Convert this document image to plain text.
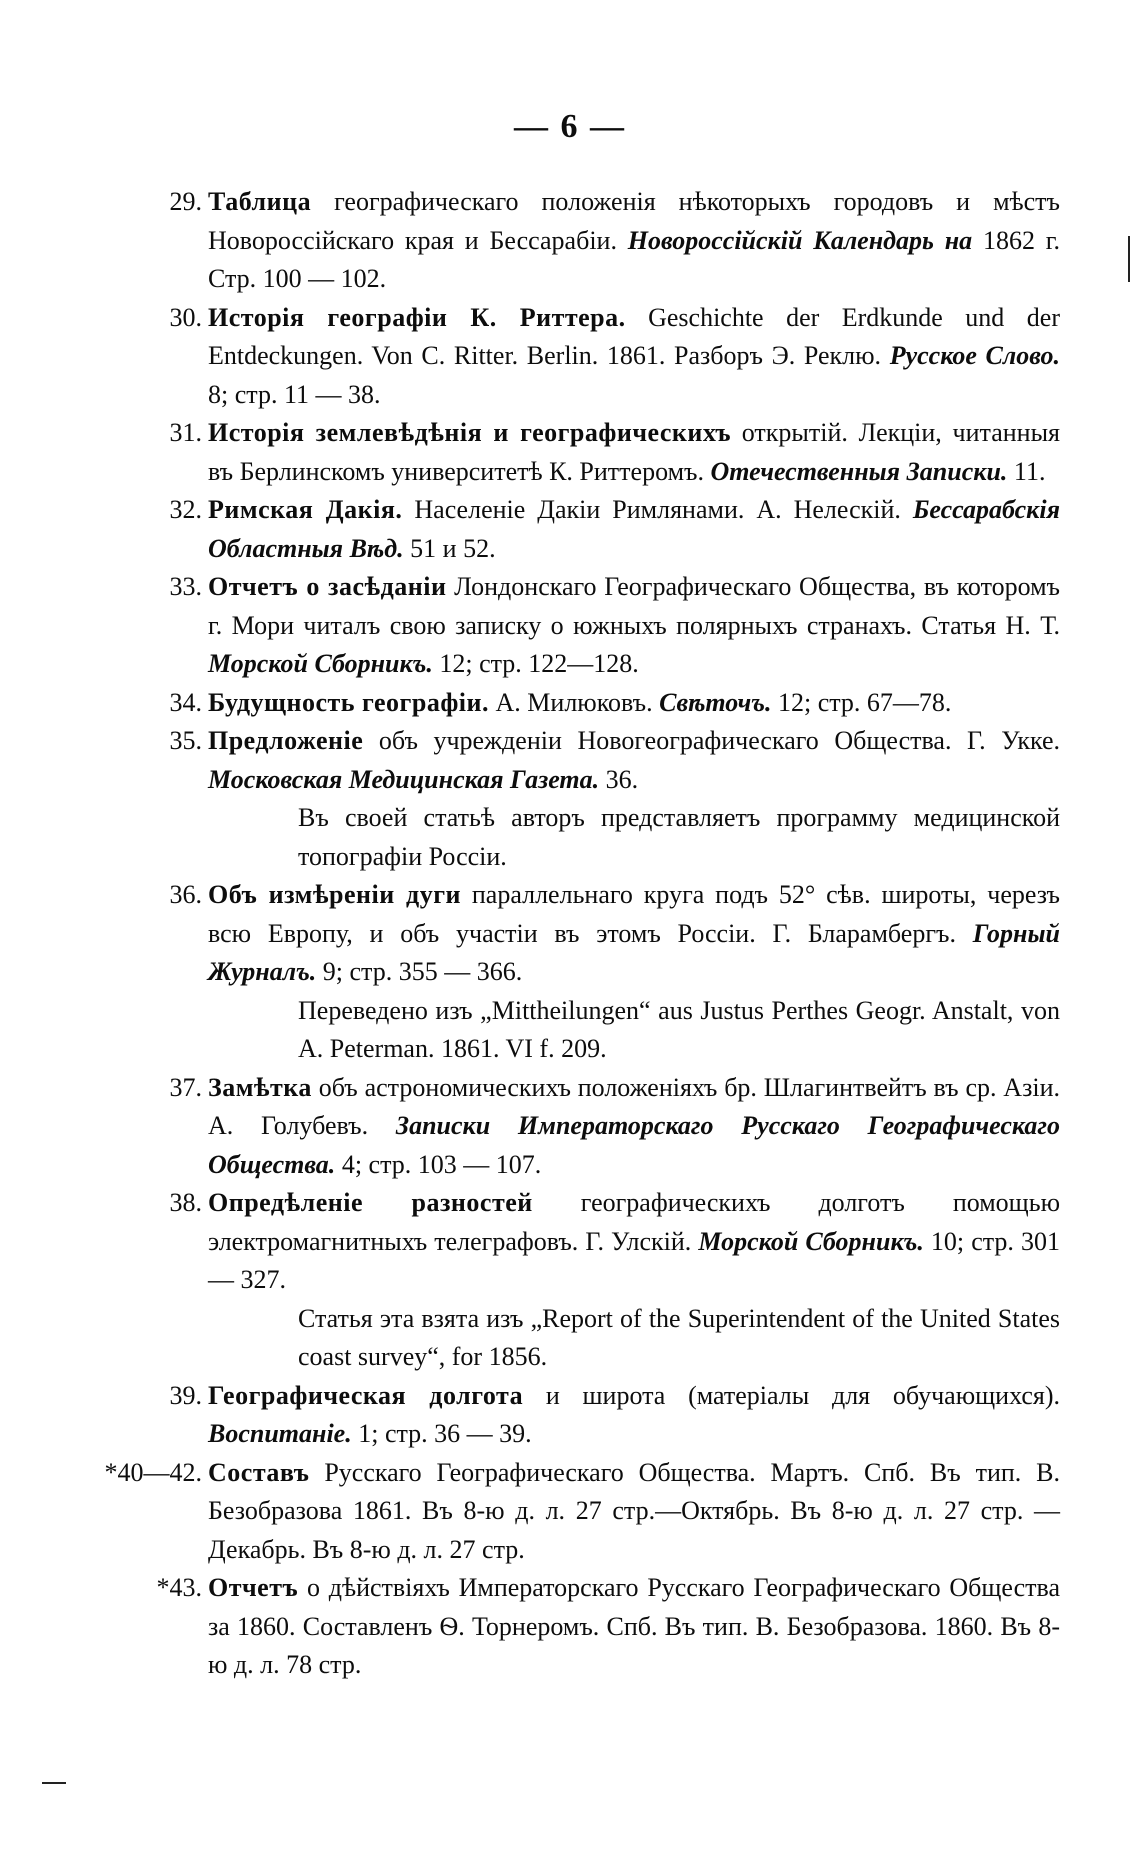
— 6 —
29. Таблица географическаго положенія нѣкоторыхъ городовъ и мѣстъ Новороссійскаго края и Бессарабіи. Новороссійскій Календарь на 1862 г. Стр. 100 — 102.
30. Исторія географіи К. Риттера. Geschichte der Erdkunde und der Entdeckungen. Von C. Ritter. Berlin. 1861. Разборъ Э. Реклю. Русское Слово. 8; стр. 11 — 38.
31. Исторія землевѣдѣнія и географическихъ открытій. Лекціи, читанныя въ Берлинскомъ университетѣ К. Риттеромъ. Отечественныя Записки. 11.
32. Римская Дакія. Населеніе Дакіи Римлянами. А. Нелескій. Бессарабскія Областныя Вѣд. 51 и 52.
33. Отчетъ о засѣданіи Лондонскаго Географическаго Общества, въ которомъ г. Мори читалъ свою записку о южныхъ полярныхъ странахъ. Статья Н. Т. Морской Сборникъ. 12; стр. 122—128.
34. Будущность географіи. А. Милюковъ. Свѣточъ. 12; стр. 67—78.
35. Предложеніе объ учрежденіи Новогеографическаго Общества. Г. Укке. Московская Медицинская Газета. 36.
Въ своей статьѣ авторъ представляетъ программу медицинской топографіи Россіи.
36. Объ измѣреніи дуги параллельнаго круга подъ 52° сѣв. широты, черезъ всю Европу, и объ участіи въ этомъ Россіи. Г. Бларамбергъ. Горный Журналъ. 9; стр. 355 — 366.
Переведено изъ „Mittheilungen“ aus Justus Perthes Geogr. Anstalt, von A. Peterman. 1861. VI f. 209.
37. Замѣтка объ астрономическихъ положеніяхъ бр. Шлагинтвейтъ въ ср. Азіи. А. Голубевъ. Записки Императорскаго Русскаго Географическаго Общества. 4; стр. 103 — 107.
38. Опредѣленіе разностей географическихъ долготъ помощью электромагнитныхъ телеграфовъ. Г. Улскій. Морской Сборникъ. 10; стр. 301 — 327.
Статья эта взята изъ „Report of the Superintendent of the United States coast survey“, for 1856.
39. Географическая долгота и широта (матеріалы для обучающихся). Воспитаніе. 1; стр. 36 — 39.
*40—42. Составъ Русскаго Географическаго Общества. Мартъ. Спб. Въ тип. В. Безобразова 1861. Въ 8-ю д. л. 27 стр.—Октябрь. Въ 8-ю д. л. 27 стр. — Декабрь. Въ 8-ю д. л. 27 стр.
*43. Отчетъ о дѣйствіяхъ Императорскаго Русскаго Географическаго Общества за 1860. Составленъ Ѳ. Торнеромъ. Спб. Въ тип. В. Безобразова. 1860. Въ 8-ю д. л. 78 стр.
